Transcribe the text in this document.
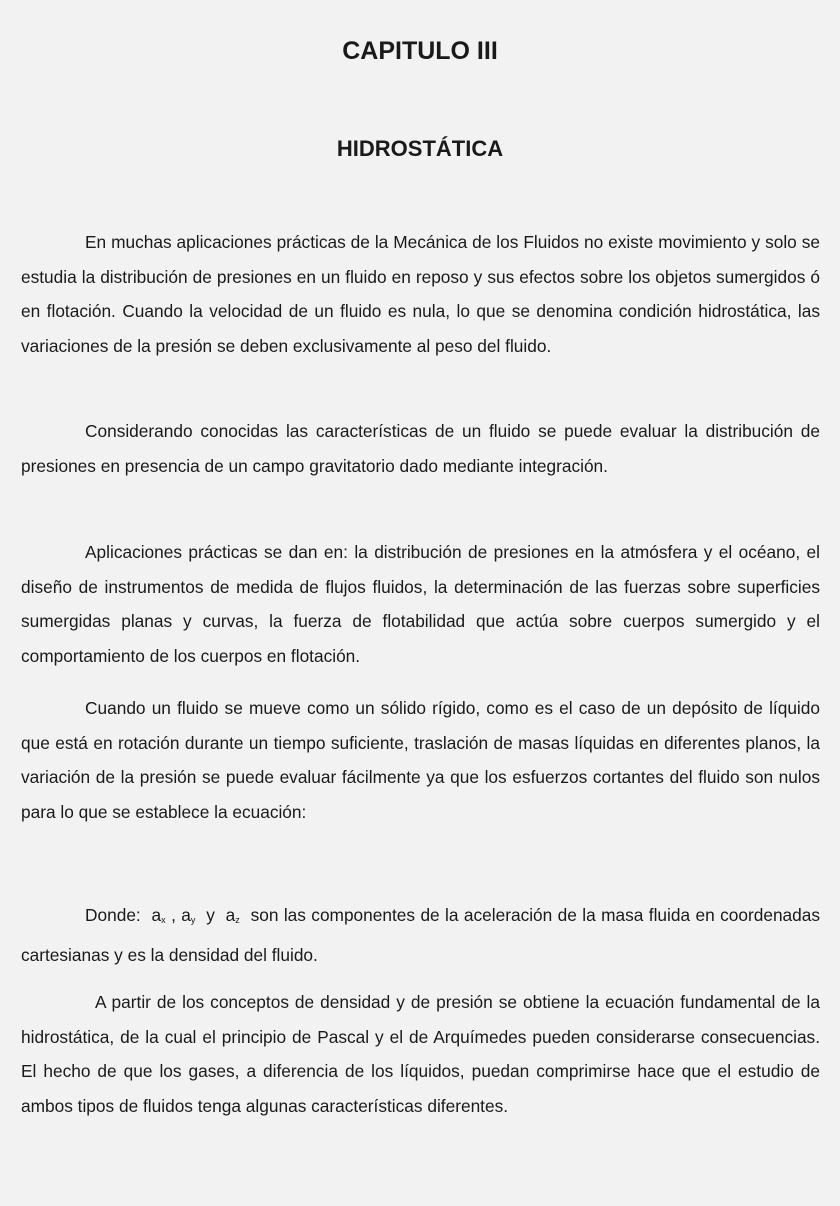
CAPITULO III
HIDROSTÁTICA

En muchas aplicaciones prácticas de la Mecánica de los Fluidos no existe movimiento y solo se estudia la distribución de presiones en un fluido en reposo y sus efectos sobre los objetos sumergidos ó en flotación. Cuando la velocidad de un fluido es nula, lo que se denomina condición hidrostática, las variaciones de la presión se deben exclusivamente al peso del fluido.

Considerando conocidas las características de un fluido se puede evaluar la distribución de presiones en presencia de un campo gravitatorio dado mediante integración.

Aplicaciones prácticas se dan en: la distribución de presiones en la atmósfera y el océano, el diseño de instrumentos de medida de flujos fluidos, la determinación de las fuerzas sobre superficies sumergidas planas y curvas, la fuerza de flotabilidad que actúa sobre cuerpos sumergido y el comportamiento de los cuerpos en flotación.

Cuando un fluido se mueve como un sólido rígido, como es el caso de un depósito de líquido que está en rotación durante un tiempo suficiente, traslación de masas líquidas en diferentes planos, la variación de la presión se puede evaluar fácilmente ya que los esfuerzos cortantes del fluido son nulos para lo que se establece la ecuación:

Donde: $a_x$ , $a_y$ y $a_z$ son las componentes de la aceleración de la masa fluida en coordenadas cartesianas y es la densidad del fluido.

A partir de los conceptos de densidad y de presión se obtiene la ecuación fundamental de la hidrostática, de la cual el principio de Pascal y el de Arquímedes pueden considerarse consecuencias. El hecho de que los gases, a diferencia de los líquidos, puedan comprimirse hace que el estudio de ambos tipos de fluidos tenga algunas características diferentes.
